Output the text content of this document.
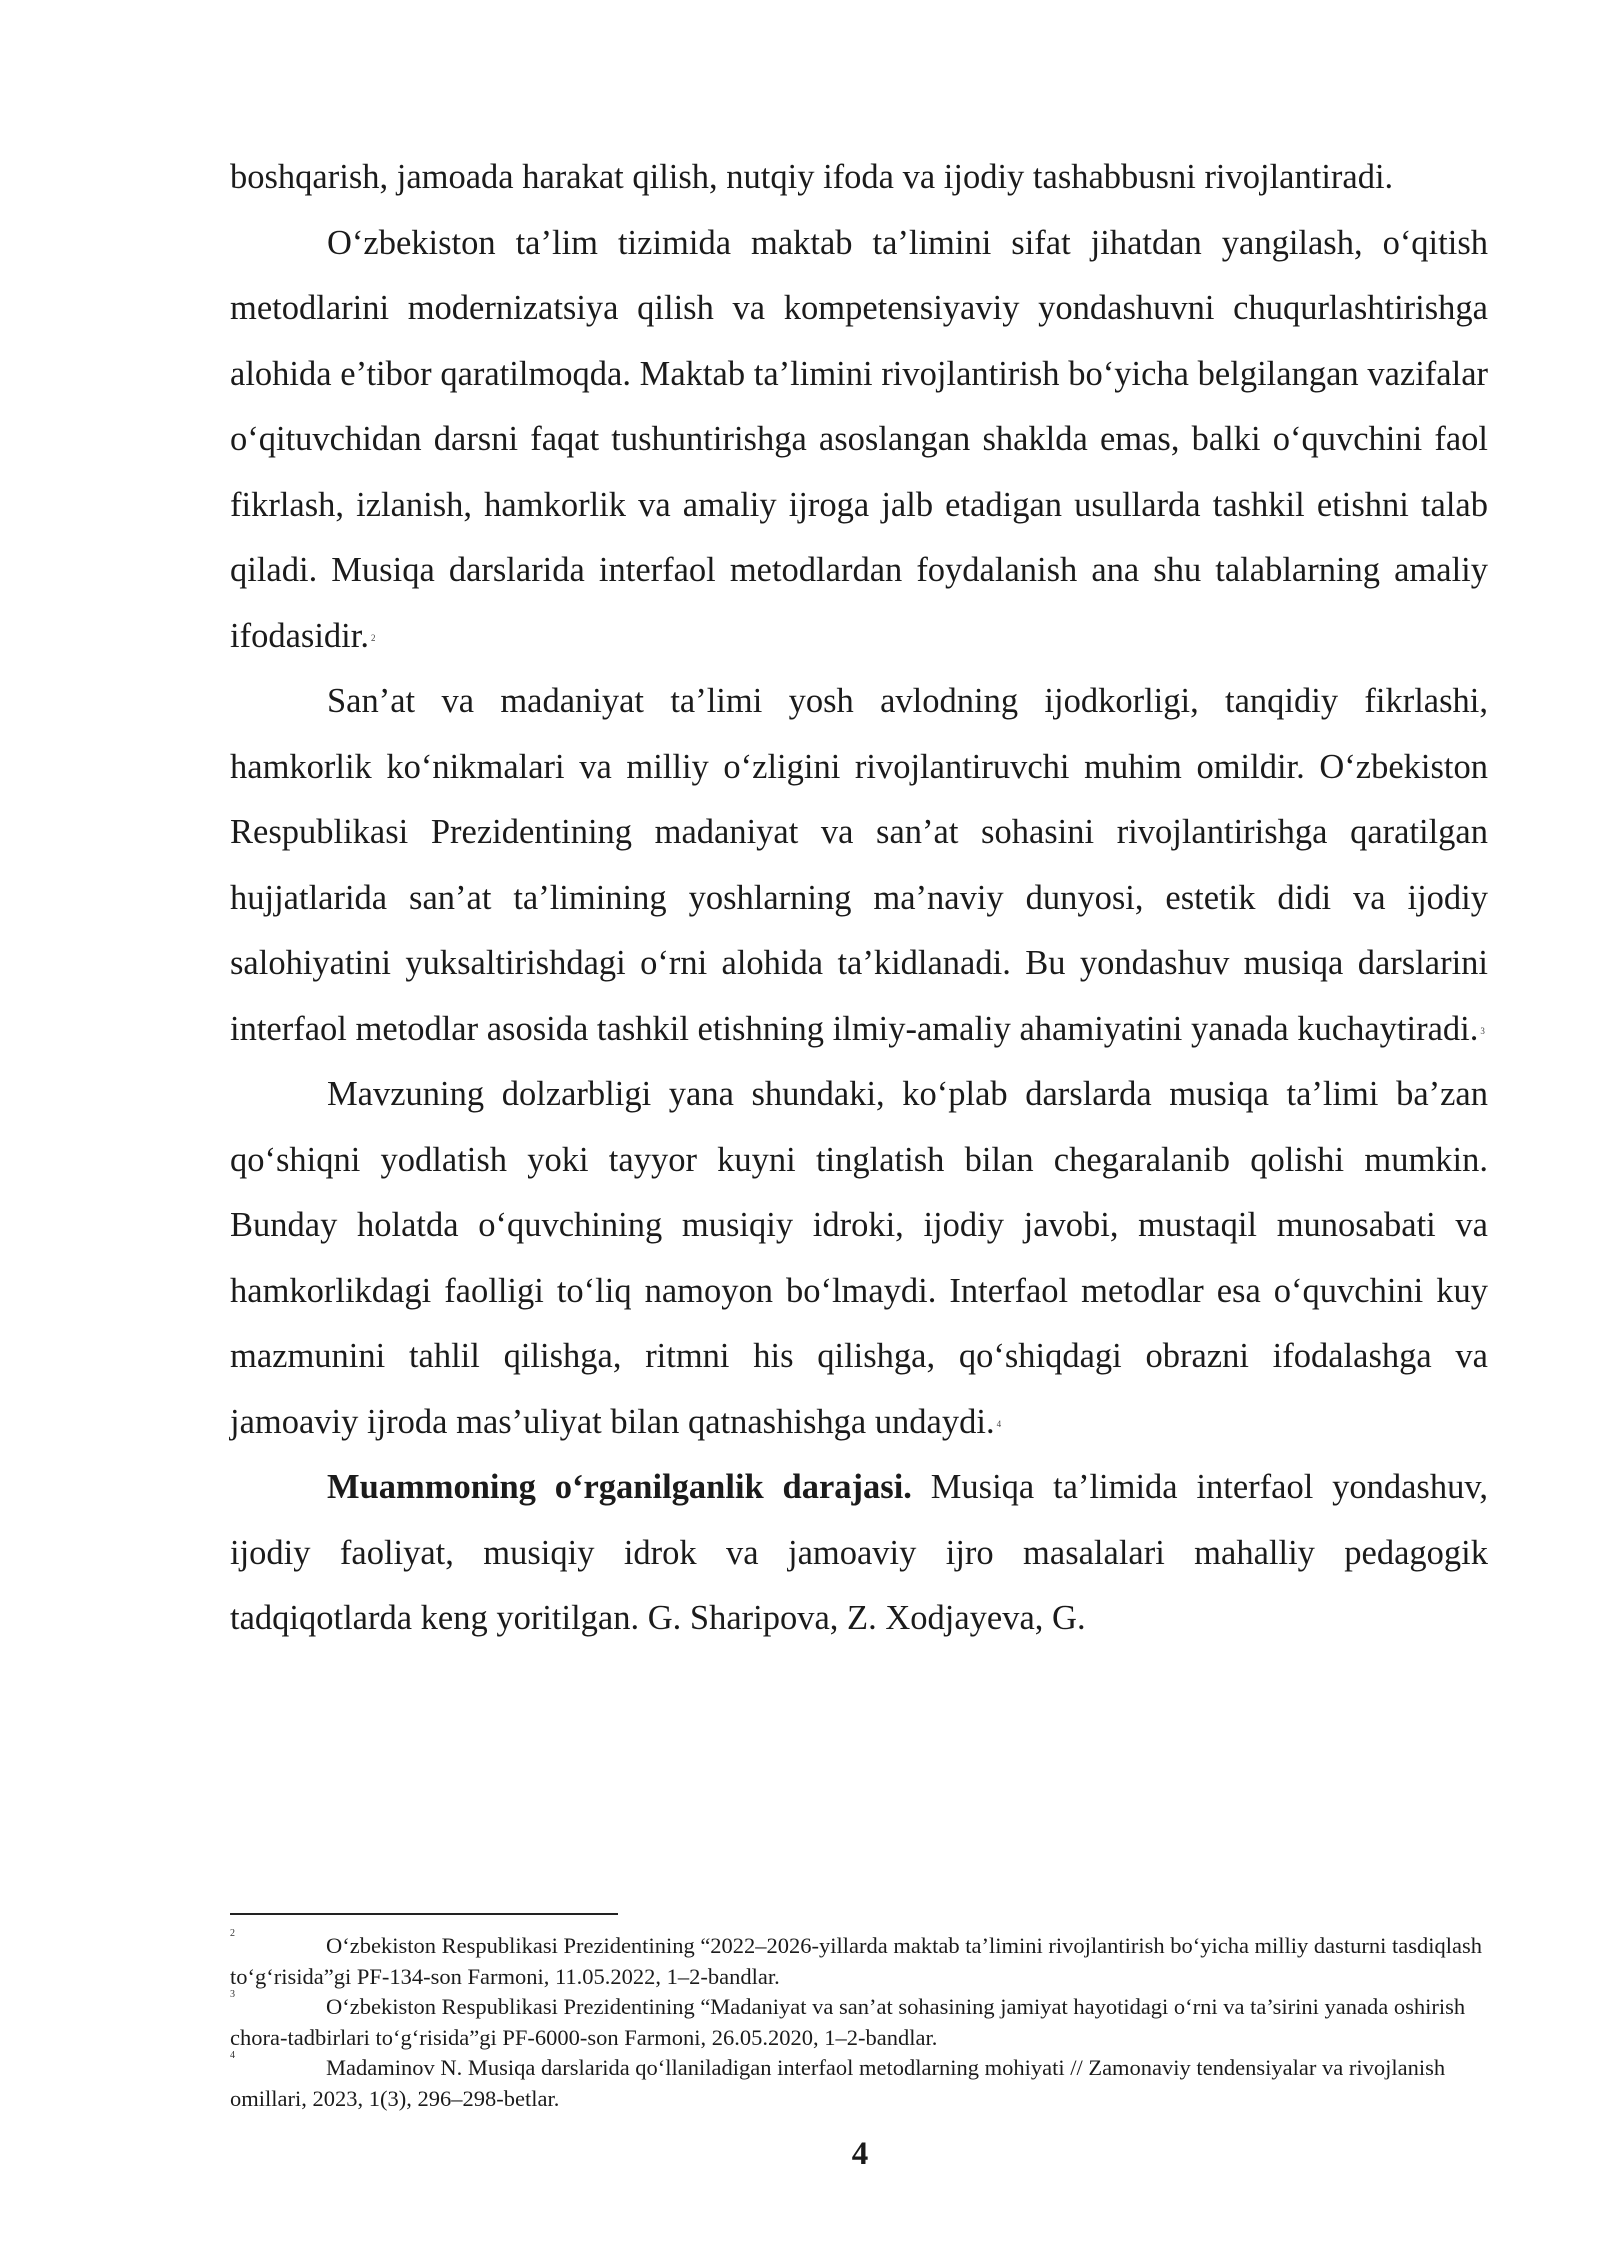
boshqarish, jamoada harakat qilish, nutqiy ifoda va ijodiy tashabbusni rivojlantiradi.

O‘zbekiston ta’lim tizimida maktab ta’limini sifat jihatdan yangilash, o‘qitish metodlarini modernizatsiya qilish va kompetensiyaviy yondashuvni chuqurlashtirishga alohida e’tibor qaratilmoqda. Maktab ta’limini rivojlantirish bo‘yicha belgilangan vazifalar o‘qituvchidan darsni faqat tushuntirishga asoslangan shaklda emas, balki o‘quvchini faol fikrlash, izlanish, hamkorlik va amaliy ijroga jalb etadigan usullarda tashkil etishni talab qiladi. Musiqa darslarida interfaol metodlardan foydalanish ana shu talablarning amaliy ifodasidir. $^2$

San’at va madaniyat ta’limi yosh avlodning ijodkorligi, tanqidiy fikrlashi, hamkorlik ko‘nikmalari va milliy o‘zligini rivojlantiruvchi muhim omildir. O‘zbekiston Respublikasi Prezidentining madaniyat va san’at sohasini rivojlantirishga qaratilgan hujjatlarida san’at ta’limining yoshlarning ma’naviy dunyosi, estetik didi va ijodiy salohiyatini yuksaltirishdagi o‘rni alohida ta’kidlanadi. Bu yondashuv musiqa darslarini interfaol metodlar asosida tashkil etishning ilmiy-amaliy ahamiyatini yanada kuchaytiradi. $^3$

Mavzuning dolzarbligi yana shundaki, ko‘plab darslarda musiqa ta’limi ba’zan qo‘shiqni yodlatish yoki tayyor kuyni tinglatish bilan chegaralanib qolishi mumkin. Bunday holatda o‘quvchining musiqiy idroki, ijodiy javobi, mustaqil munosabati va hamkorlikdagi faolligi to‘liq namoyon bo‘lmaydi. Interfaol metodlar esa o‘quvchini kuy mazmunini tahlil qilishga, ritmni his qilishga, qo‘shiqdagi obrazni ifodalashga va jamoaviy ijroda mas’uliyat bilan qatnashishga undaydi. $^4$

Muammoning o‘rganilganlik darajasi. Musiqa ta’limida interfaol yondashuv, ijodiy faoliyat, musiqiy idrok va jamoaviy ijro masalalari mahalliy pedagogik tadqiqotlarda keng yoritilgan. G. Sharipova, Z. Xodjayeva, G.

2	O‘zbekiston Respublikasi Prezidentining “2022–2026-yillarda maktab ta’limini rivojlantirish bo‘yicha milliy dasturni tasdiqlash to‘g‘risida”gi PF-134-son Farmoni, 11.05.2022, 1–2-bandlar.

3	O‘zbekiston Respublikasi Prezidentining “Madaniyat va san’at sohasining jamiyat hayotidagi o‘rni va ta’sirini yanada oshirish chora-tadbirlari to‘g‘risida”gi PF-6000-son Farmoni, 26.05.2020, 1–2-bandlar.

4	Madaminov N. Musiqa darslarida qo‘llaniladigan interfaol metodlarning mohiyati // Zamonaviy tendensiyalar va rivojlanish omillari, 2023, 1(3), 296–298-betlar.

4
